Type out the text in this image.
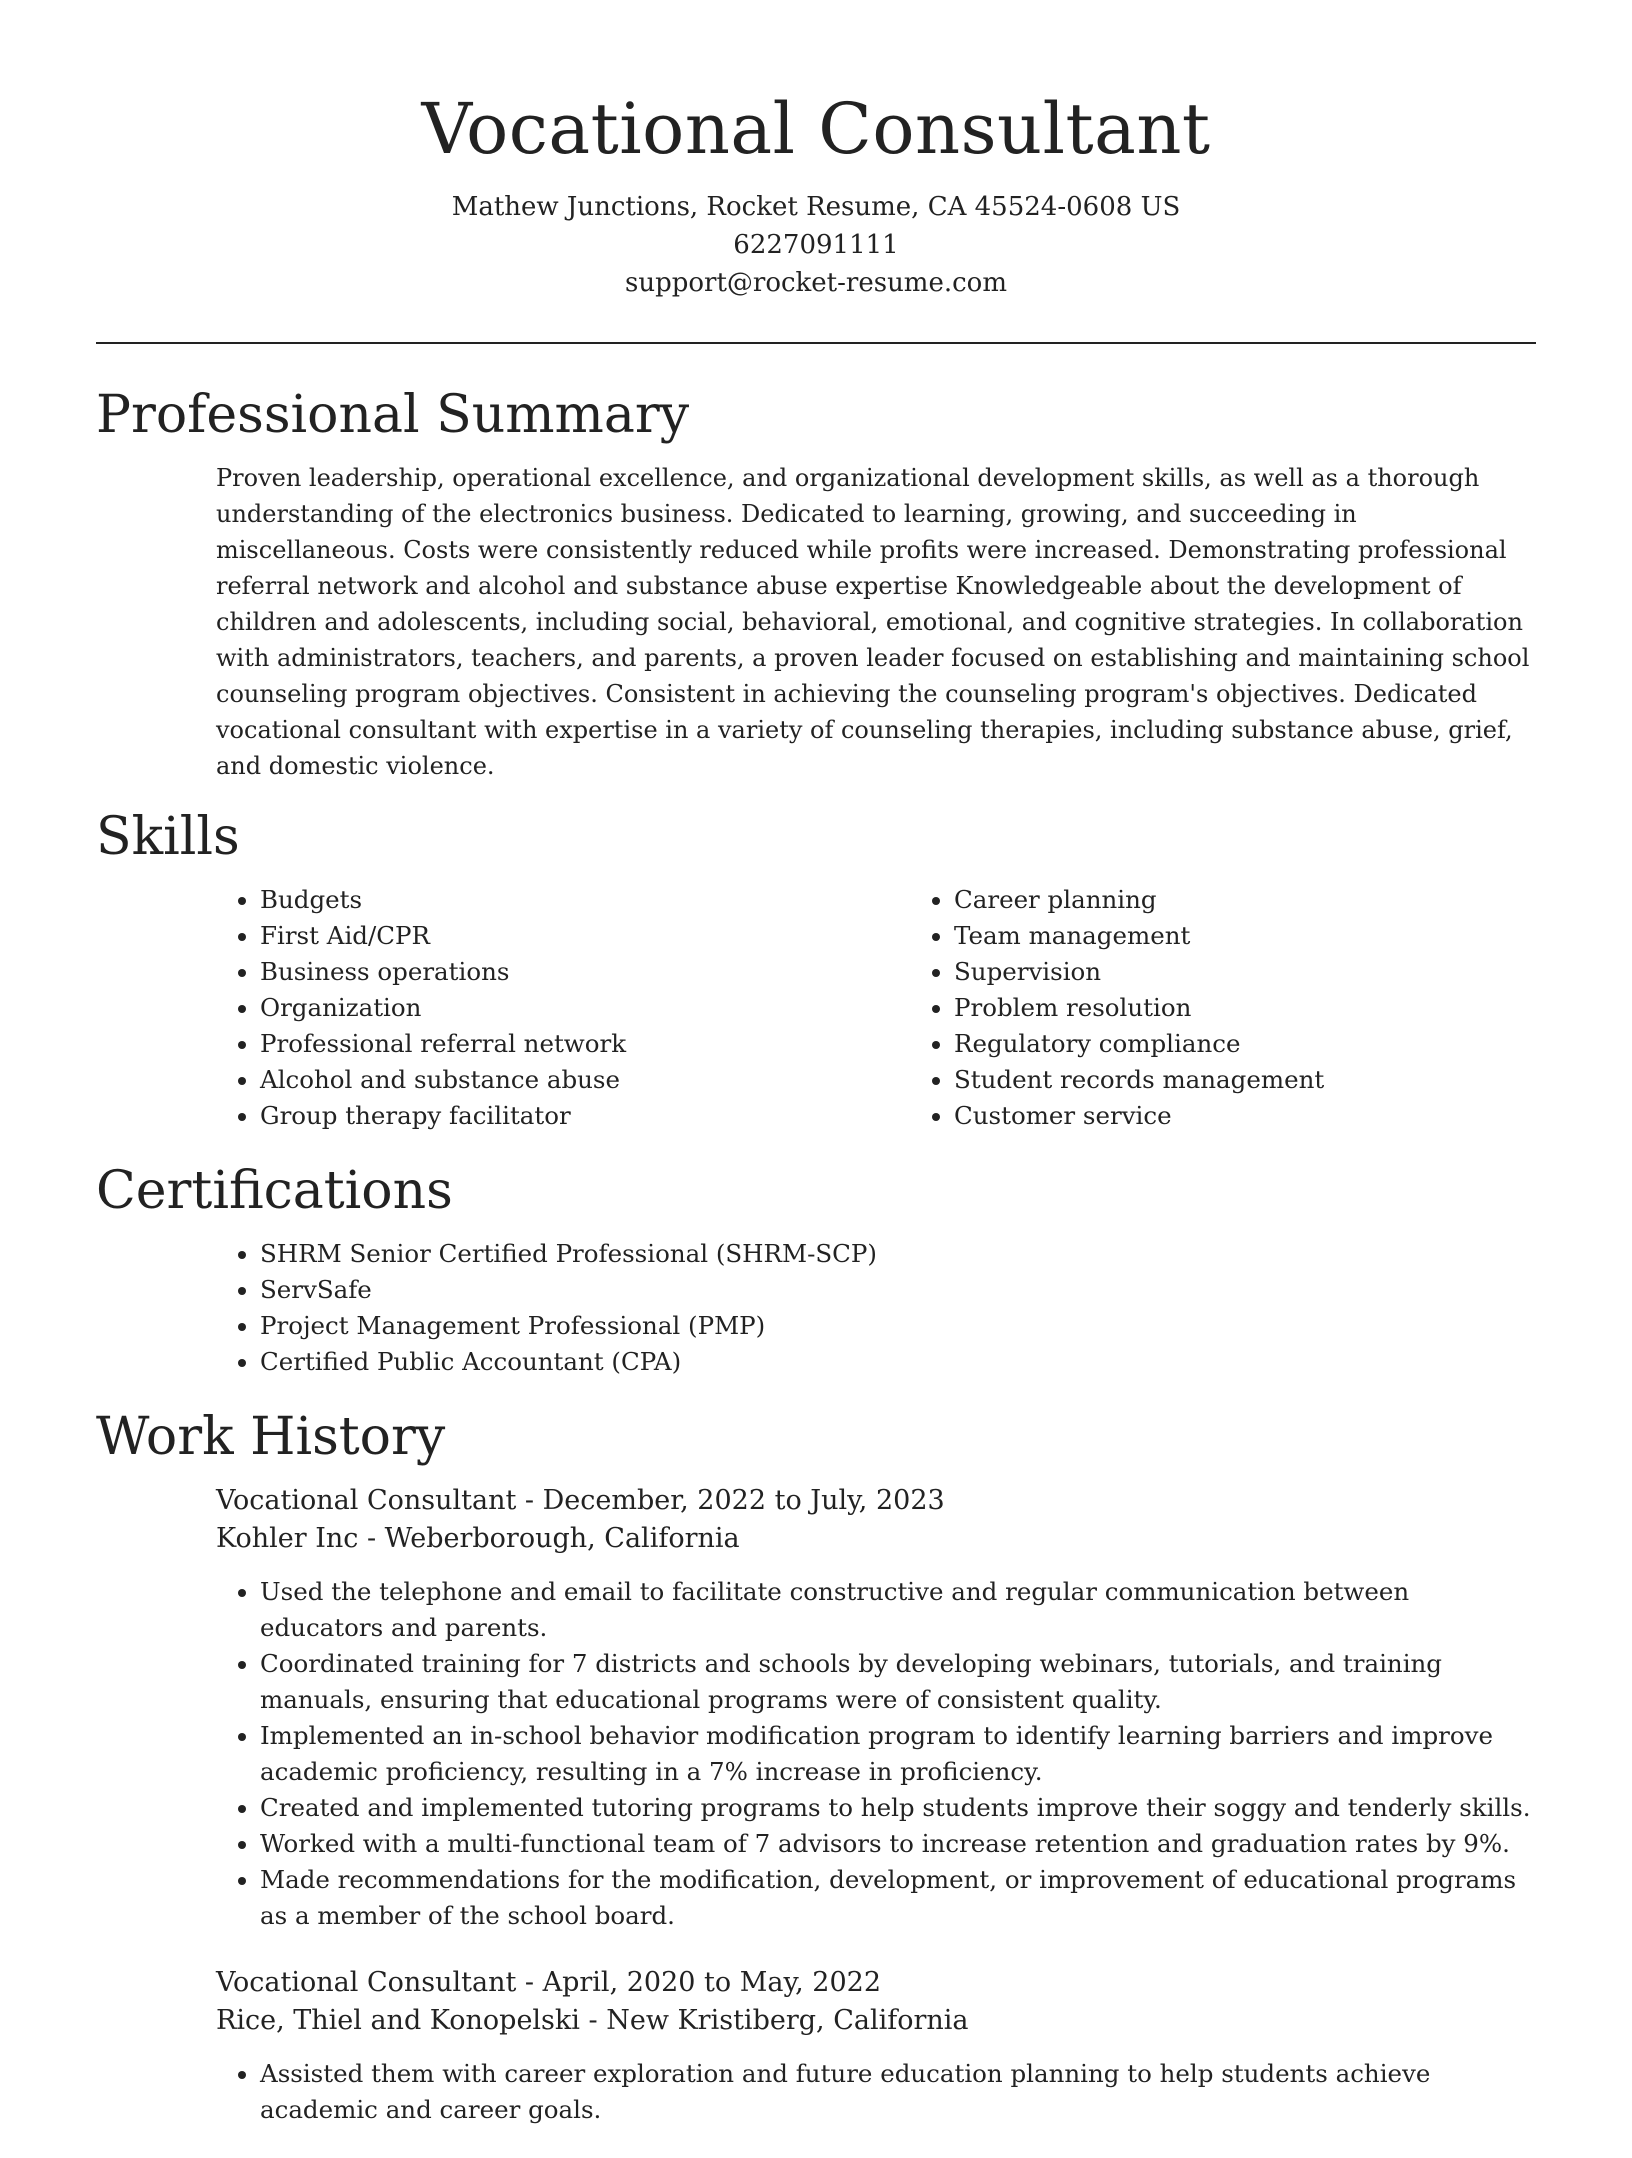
Vocational Consultant
Mathew Junctions, Rocket Resume, CA 45524-0608 US
6227091111
support@rocket-resume.com
Professional Summary

Proven leadership, operational excellence, and organizational development skills, as well as a thorough understanding of the electronics business. Dedicated to learning, growing, and succeeding in miscellaneous. Costs were consistently reduced while profits were increased. Demonstrating professional referral network and alcohol and substance abuse expertise Knowledgeable about the development of children and adolescents, including social, behavioral, emotional, and cognitive strategies. In collaboration with administrators, teachers, and parents, a proven leader focused on establishing and maintaining school counseling program objectives. Consistent in achieving the counseling program's objectives. Dedicated vocational consultant with expertise in a variety of counseling therapies, including substance abuse, grief, and domestic violence.

Skills
• Budgets
• First Aid/CPR
• Business operations
• Organization
• Professional referral network
• Alcohol and substance abuse
• Group therapy facilitator
• Career planning
• Team management
• Supervision
• Problem resolution
• Regulatory compliance
• Student records management
• Customer service
Certifications
• SHRM Senior Certified Professional (SHRM-SCP)
• ServSafe
• Project Management Professional (PMP)
• Certified Public Accountant (CPA)
Work History
Vocational Consultant - December, 2022 to July, 2023
Kohler Inc - Weberborough, California
• Used the telephone and email to facilitate constructive and regular communication between educators and parents.
• Coordinated training for 7 districts and schools by developing webinars, tutorials, and training manuals, ensuring that educational programs were of consistent quality.
• Implemented an in-school behavior modification program to identify learning barriers and improve academic proficiency, resulting in a 7% increase in proficiency.
• Created and implemented tutoring programs to help students improve their soggy and tenderly skills.
• Worked with a multi-functional team of 7 advisors to increase retention and graduation rates by 9%.
• Made recommendations for the modification, development, or improvement of educational programs as a member of the school board.
Vocational Consultant - April, 2020 to May, 2022
Rice, Thiel and Konopelski - New Kristiberg, California
• Assisted them with career exploration and future education planning to help students achieve academic and career goals.
